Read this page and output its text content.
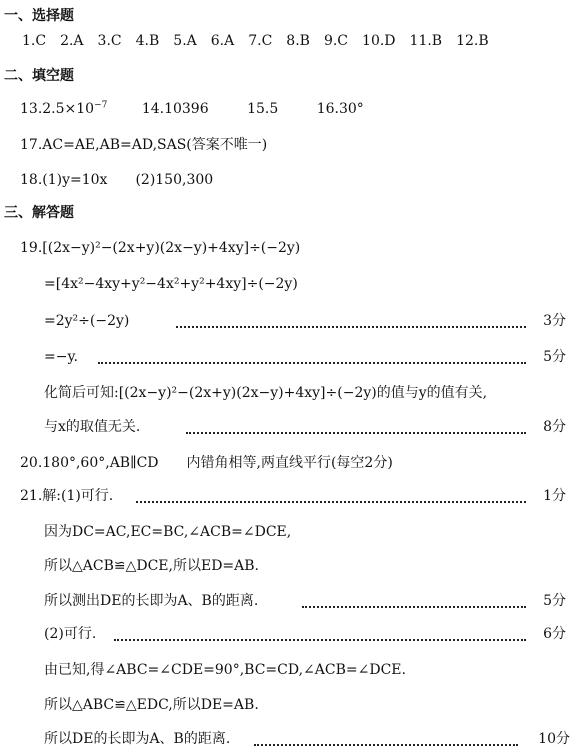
一、选择题
1.C 2.A 3.C 4.B 5.A 6.A 7.C 8.B 9.C 10.D 11.B 12.B
二、填空题
$13.2.5\times 10^{-7}$ 14.10396	15.5	16.30°
17.AC=AE,AB=AD,SAS(答案不唯一)
18.(1)y=10x　　(2)150,300
三、解答题
19.[(2x−y)²−(2x+y)(2x−y)+4xy]÷(−2y)
=[4x²−4xy+y²−4x²+y²+4xy]÷(−2y)
=2y²÷(−2y)	3分
=−y.	5分
化简后可知:[(2x−y)²−(2x+y)(2x−y)+4xy]÷(−2y)的值与y的值有关,
与x的取值无关.	8分
20.180°,60°,AB∥CD　　内错角相等,两直线平行(每空2分)
21.解:(1)可行.	1分
因为DC=AC,EC=BC,∠ACB=∠DCE,
所以△ACB≌△DCE,所以ED=AB.
所以测出DE的长即为A、B的距离.	5分
(2)可行.	6分
由已知,得∠ABC=∠CDE=90°,BC=CD,∠ACB=∠DCE.
所以△ABC≌△EDC,所以DE=AB.
所以DE的长即为A、B的距离.	10分
